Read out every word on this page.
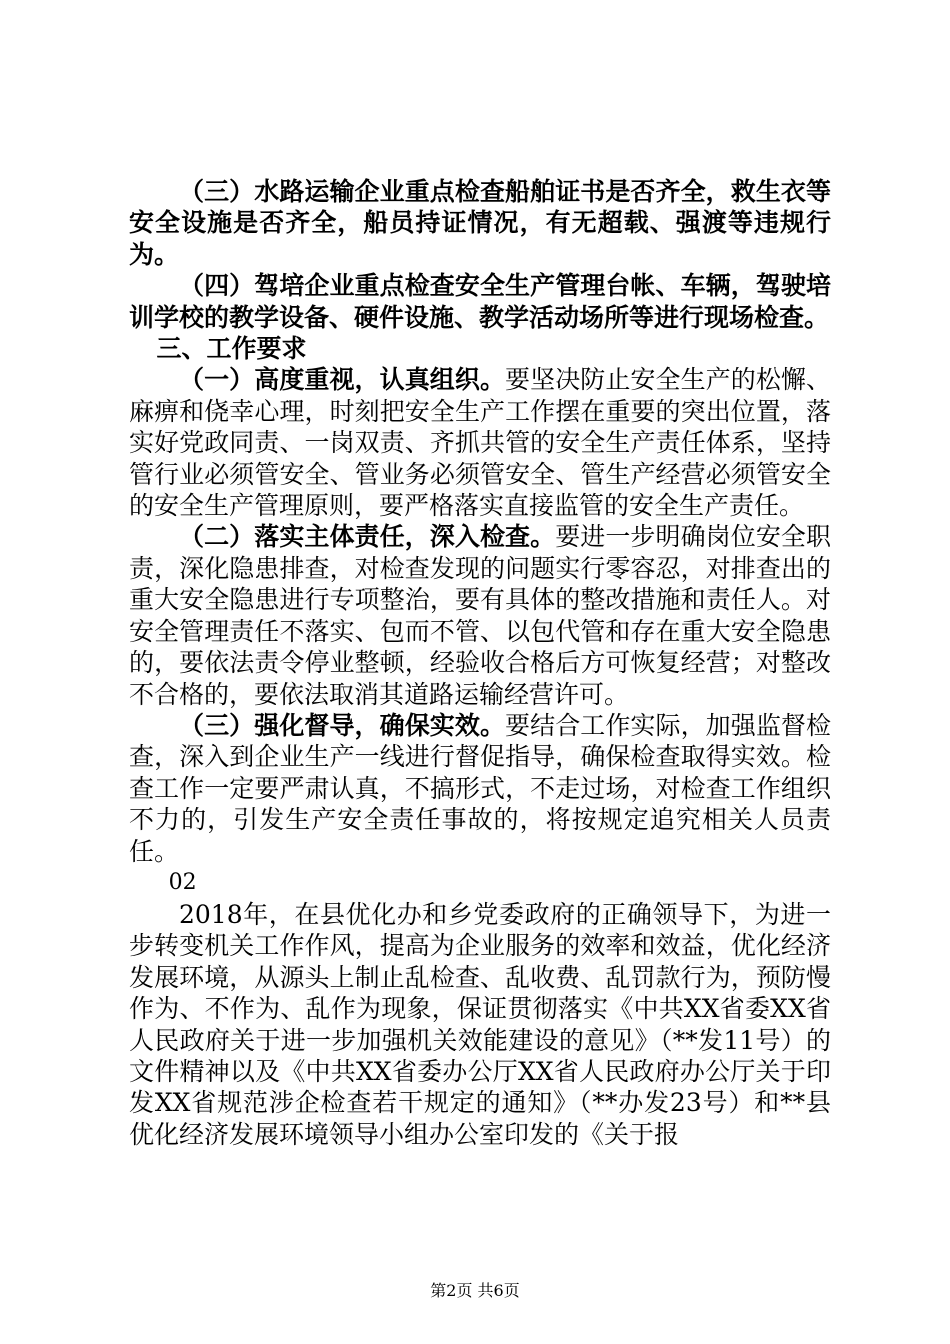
（三）水路运输企业重点检查船舶证书是否齐全，救生衣等安全设施是否齐全，船员持证情况，有无超载、强渡等违规行为。

（四）驾培企业重点检查安全生产管理台帐、车辆，驾驶培训学校的教学设备、硬件设施、教学活动场所等进行现场检查。

三、工作要求

（一）高度重视，认真组织。要坚决防止安全生产的松懈、麻痹和侥幸心理，时刻把安全生产工作摆在重要的突出位置，落实好党政同责、一岗双责、齐抓共管的安全生产责任体系，坚持管行业必须管安全、管业务必须管安全、管生产经营必须管安全的安全生产管理原则，要严格落实直接监管的安全生产责任。

（二）落实主体责任，深入检查。要进一步明确岗位安全职责，深化隐患排查，对检查发现的问题实行零容忍，对排查出的重大安全隐患进行专项整治，要有具体的整改措施和责任人。对安全管理责任不落实、包而不管、以包代管和存在重大安全隐患的，要依法责令停业整顿，经验收合格后方可恢复经营；对整改不合格的，要依法取消其道路运输经营许可。

（三）强化督导，确保实效。要结合工作实际，加强监督检查，深入到企业生产一线进行督促指导，确保检查取得实效。检查工作一定要严肃认真，不搞形式，不走过场，对检查工作组织不力的，引发生产安全责任事故的，将按规定追究相关人员责任。

02

2018年，在县优化办和乡党委政府的正确领导下，为进一步转变机关工作作风，提高为企业服务的效率和效益，优化经济发展环境，从源头上制止乱检查、乱收费、乱罚款行为，预防慢作为、不作为、乱作为现象，保证贯彻落实《中共XX省委XX省人民政府关于进一步加强机关效能建设的意见》（**发11号）的文件精神以及《中共XX省委办公厅XX省人民政府办公厅关于印发XX省规范涉企检查若干规定的通知》（**办发23号）和**县优化经济发展环境领导小组办公室印发的《关于报

第2页 共6页
